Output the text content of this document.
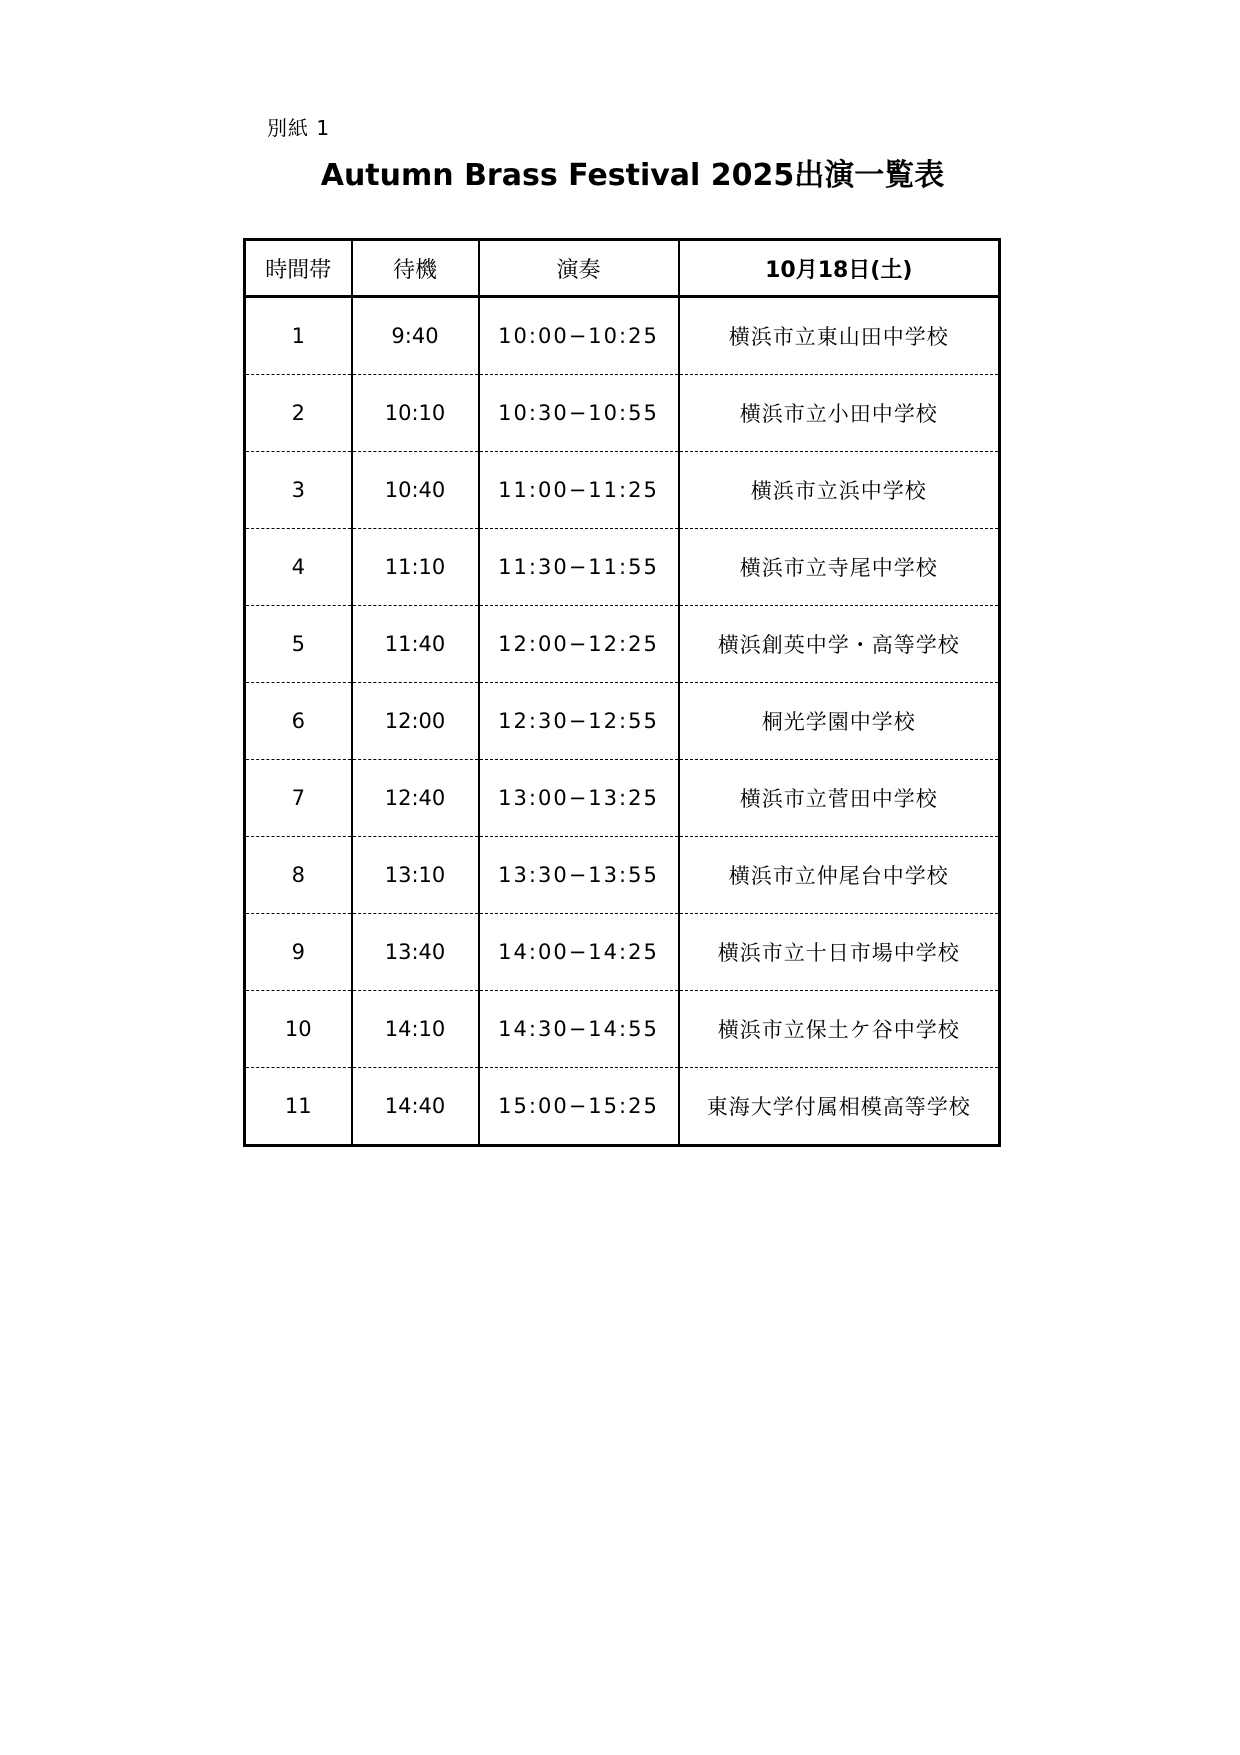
別紙 1
Autumn Brass Festival 2025出演一覧表
時間帯	待機	演奏	10月18日(土)
1	9:40	10:00−10:25	横浜市立東山田中学校
2	10:10	10:30−10:55	横浜市立小田中学校
3	10:40	11:00−11:25	横浜市立浜中学校
4	11:10	11:30−11:55	横浜市立寺尾中学校
5	11:40	12:00−12:25	横浜創英中学・高等学校
6	12:00	12:30−12:55	桐光学園中学校
7	12:40	13:00−13:25	横浜市立菅田中学校
8	13:10	13:30−13:55	横浜市立仲尾台中学校
9	13:40	14:00−14:25	横浜市立十日市場中学校
10	14:10	14:30−14:55	横浜市立保土ケ谷中学校
11	14:40	15:00−15:25	東海大学付属相模高等学校
